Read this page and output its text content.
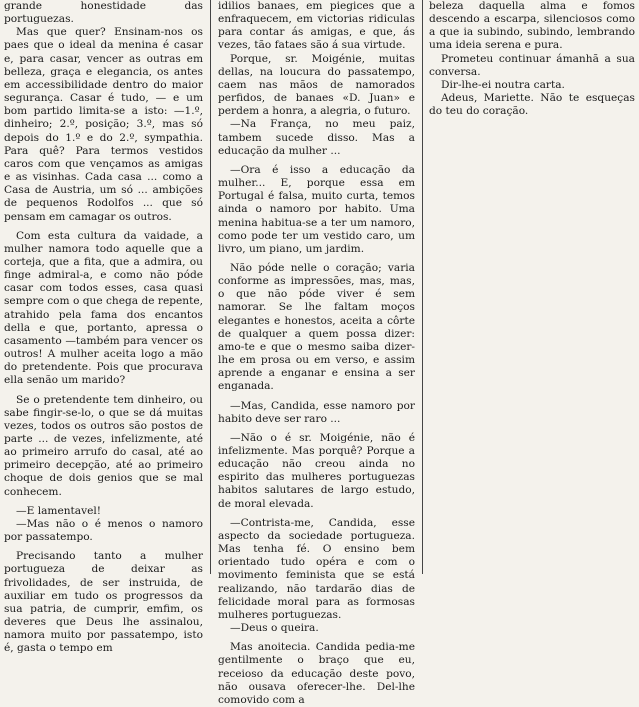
grande honestidade das portuguezas.

Mas que quer? Ensinam-nos os paes que o ideal da menina é casar e, para casar, vencer as outras em belleza, graça e elegancia, os antes em accessibilidade dentro do maior segurança. Casar é tudo, — e um bom partido limita-se a isto: —1.º, dinheiro; 2.º, posição; 3.º, mas só depois do 1.º e do 2.º, sympathia. Para quê? Para termos vestidos caros com que vençamos as amigas e as visinhas. Cada casa ... como a Casa de Austria, um só ... ambições de pequenos Rodolfos ... que só pensam em camagar os outros.

Com esta cultura da vaidade, a mulher namora todo aquelle que a corteja, que a fita, que a admira, ou finge admiral-a, e como não póde casar com todos esses, casa quasi sempre com o que chega de repente, atrahido pela fama dos encantos della e que, portanto, apressa o casamento —também para vencer os outros! A mulher aceita logo a mão do pretendente. Pois que procurava ella senão um marido?

Se o pretendente tem dinheiro, ou sabe fingir-se-lo, o que se dá muitas vezes, todos os outros são postos de parte ... de vezes, infelizmente, até ao primeiro arrufo do casal, até ao primeiro decepção, até ao primeiro choque de dois genios que se mal conhecem.

—E lamentavel!

—Mas não o é menos o namoro por passatempo.

Precisando tanto a mulher portugueza de deixar as frivolidades, de ser instruida, de auxiliar em tudo os progressos da sua patria, de cumprir, emfim, os deveres que Deus lhe assinalou, namora muito por passatempo, isto é, gasta o tempo em

idilios banaes, em piegices que a enfraquecem, em victorias ridiculas para contar ás amigas, e que, ás vezes, tão fataes são á sua virtude.

Porque, sr. Moigénie, muitas dellas, na loucura do passatempo, caem nas mãos de namorados perfidos, de banaes «D. Juan» e perdem a honra, a alegria, o futuro.

—Na França, no meu paiz, tambem sucede disso. Mas a educação da mulher ...

—Ora é isso a educação da mulher... E, porque essa em Portugal é falsa, muito curta, temos ainda o namoro por habito. Uma menina habitua-se a ter um namoro, como pode ter um vestido caro, um livro, um piano, um jardim.

Não póde nelle o coração; varia conforme as impressões, mas, mas, o que não póde viver é sem namorar. Se lhe faltam moços elegantes e honestos, aceita a côrte de qualquer a quem possa dizer: amo-te e que o mesmo saiba dizer-lhe em prosa ou em verso, e assim aprende a enganar e ensina a ser enganada.

—Mas, Candida, esse namoro por habito deve ser raro ...

—Não o é sr. Moigénie, não é infelizmente. Mas porquê? Porque a educação não creou ainda no espirito das mulheres portuguezas habitos salutares de largo estudo, de moral elevada.

—Contrista-me, Candida, esse aspecto da sociedade portugueza. Mas tenha fé. O ensino bem orientado tudo opéra e com o movimento feminista que se está realizando, não tardarão dias de felicidade moral para as formosas mulheres portuguezas.

—Deus o queira.

Mas anoitecia. Candida pedia-me gentilmente o braço que eu, receioso da educação deste povo, não ousava oferecer-lhe. Del-lhe comovido com a

beleza daquella alma e fomos descendo a escarpa, silenciosos como a que ia subindo, subindo, lembrando uma ideia serena e pura.

Prometeu continuar ámanhã a sua conversa.

Dir-lhe-ei noutra carta.

Adeus, Mariette. Não te esqueças do teu do coração.
